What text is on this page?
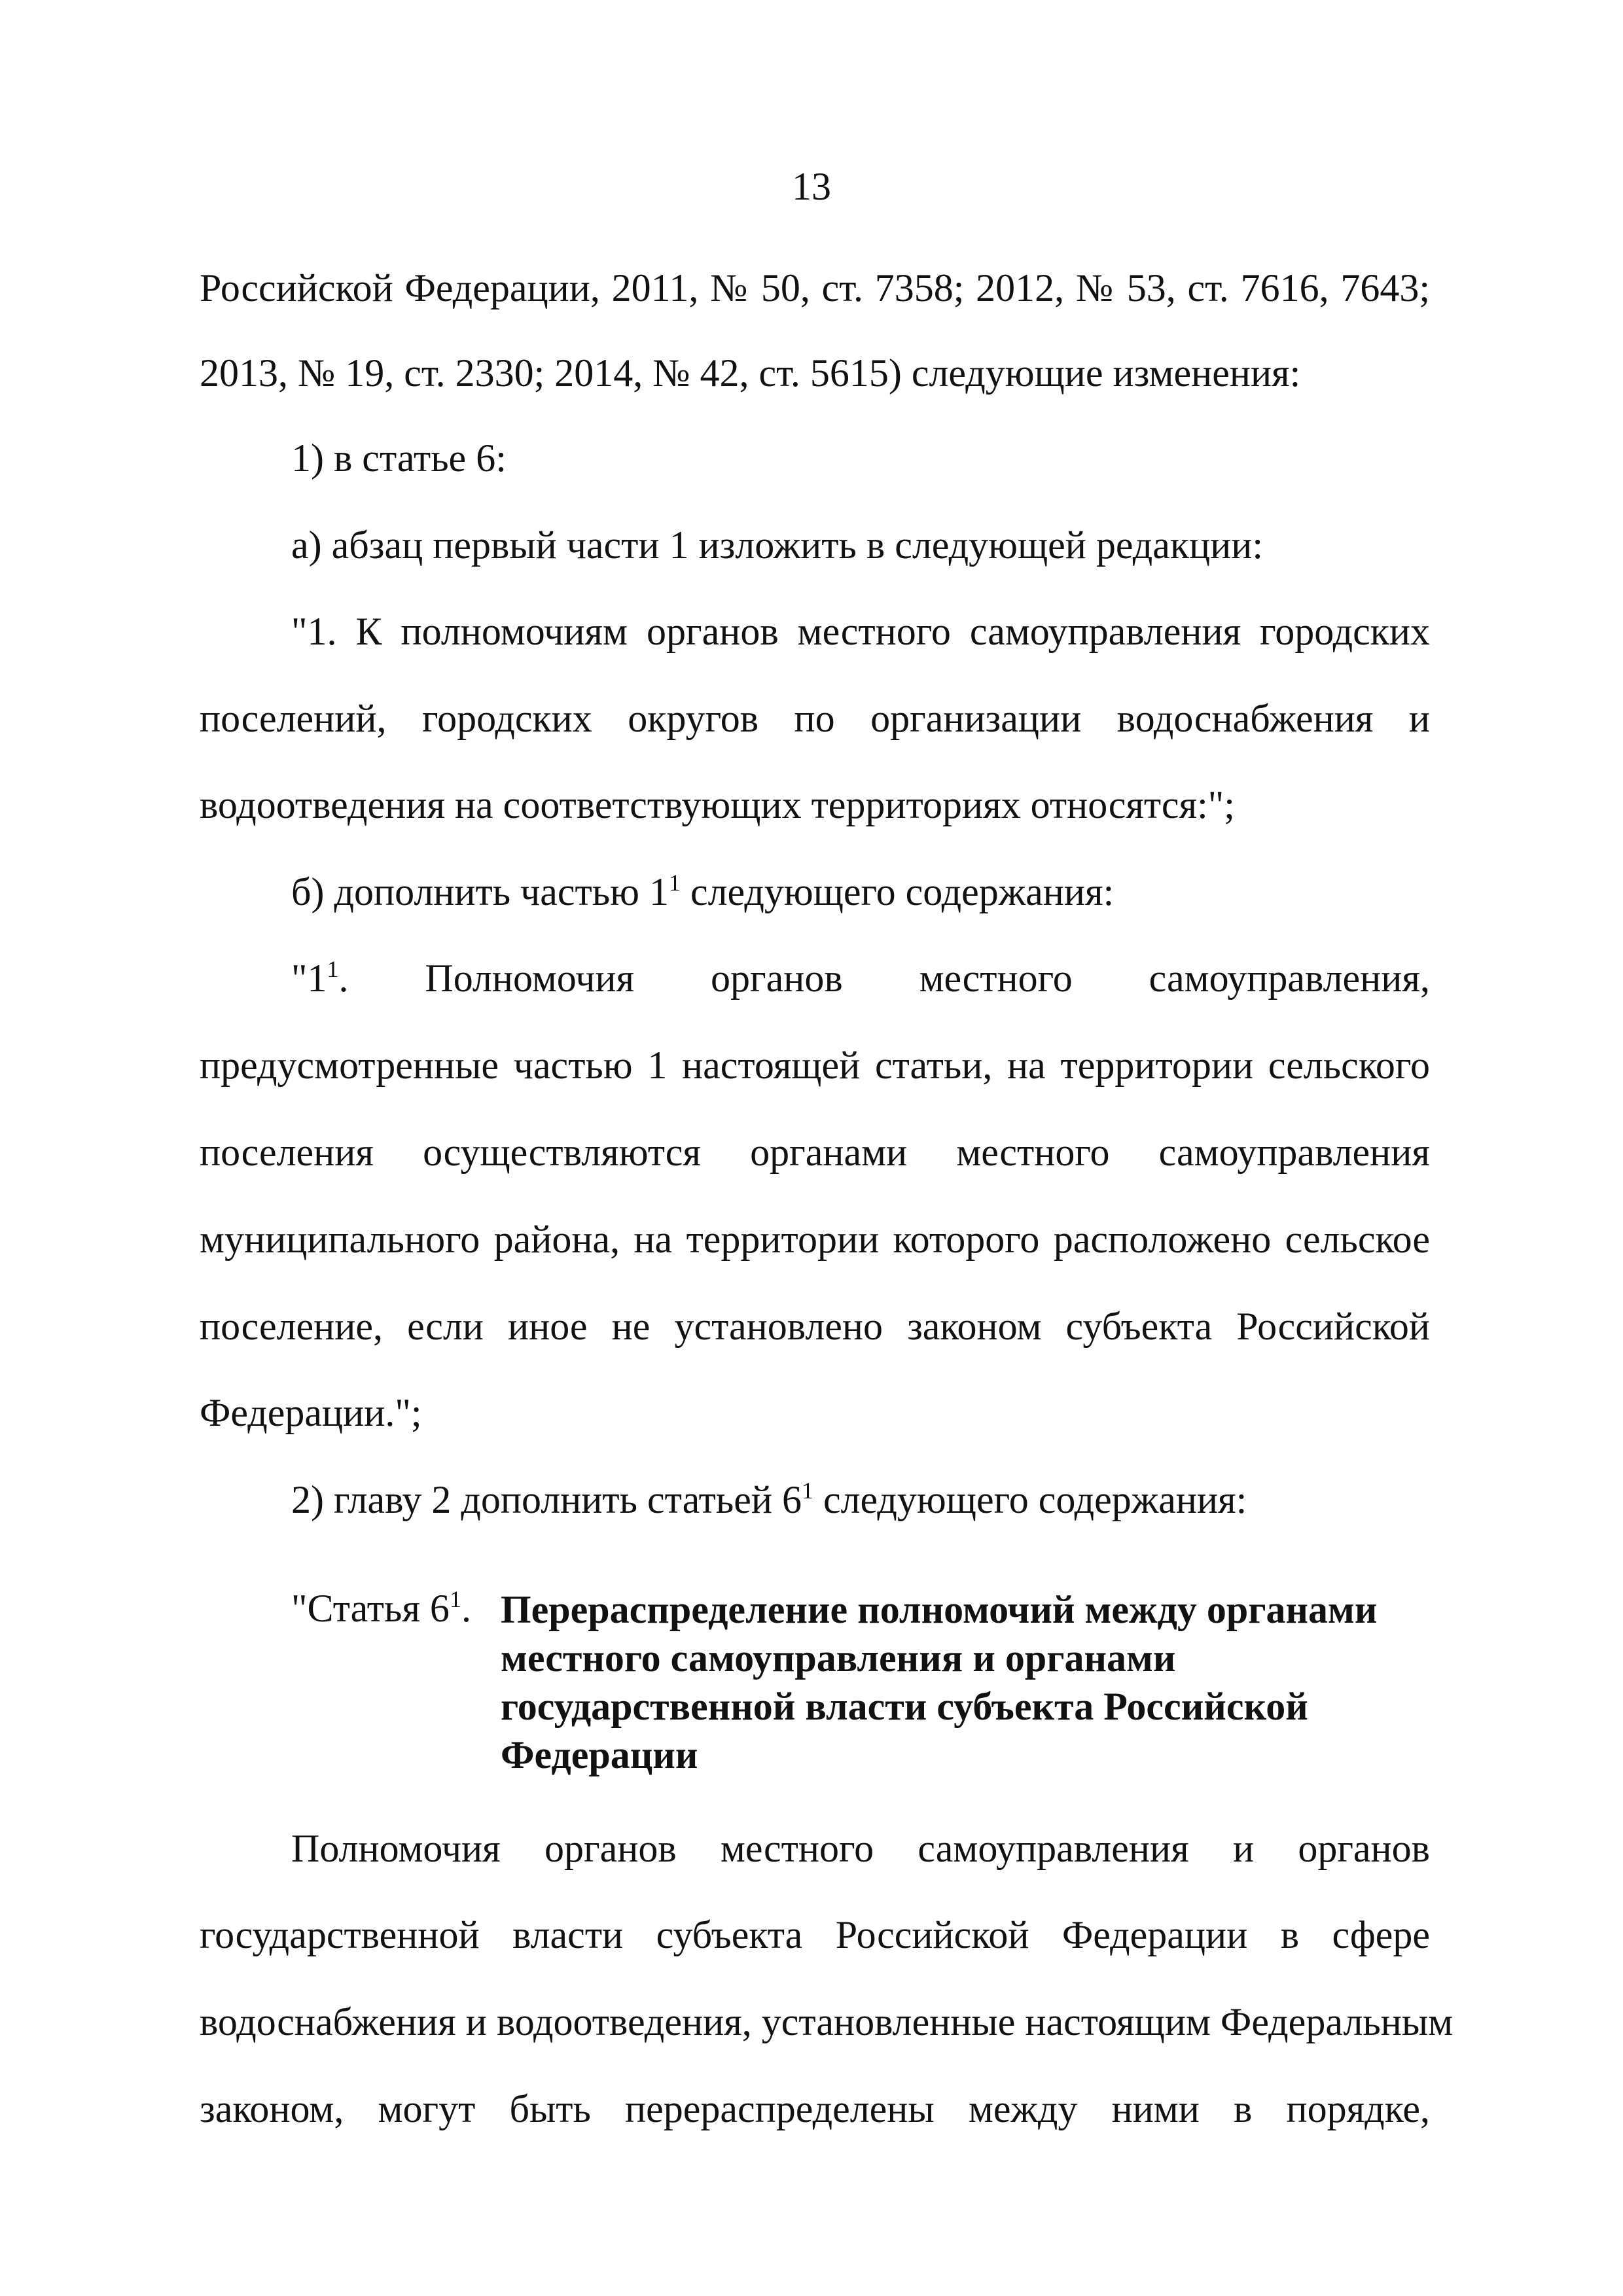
13
Российской Федерации, 2011, № 50, ст. 7358; 2012, № 53, ст. 7616, 7643;
2013, № 19, ст. 2330; 2014, № 42, ст. 5615) следующие изменения:
1) в статье 6:
а) абзац первый части 1 изложить в следующей редакции:
"1. К полномочиям органов местного самоуправления городских
поселений, городских округов по организации водоснабжения и
водоотведения на соответствующих территориях относятся:";
б) дополнить частью $1^1$ следующего содержания:
"$1^1$. Полномочия органов местного самоуправления,
предусмотренные частью 1 настоящей статьи, на территории сельского
поселения осуществляются органами местного самоуправления
муниципального района, на территории которого расположено сельское
поселение, если иное не установлено законом субъекта Российской
Федерации.";
2) главу 2 дополнить статьей $6^1$ следующего содержания:
"Статья $6^1$. Перераспределение полномочий между органами
местного самоуправления и органами
государственной власти субъекта Российской
Федерации
Полномочия органов местного самоуправления и органов
государственной власти субъекта Российской Федерации в сфере
водоснабжения и водоотведения, установленные настоящим Федеральным
законом, могут быть перераспределены между ними в порядке,
